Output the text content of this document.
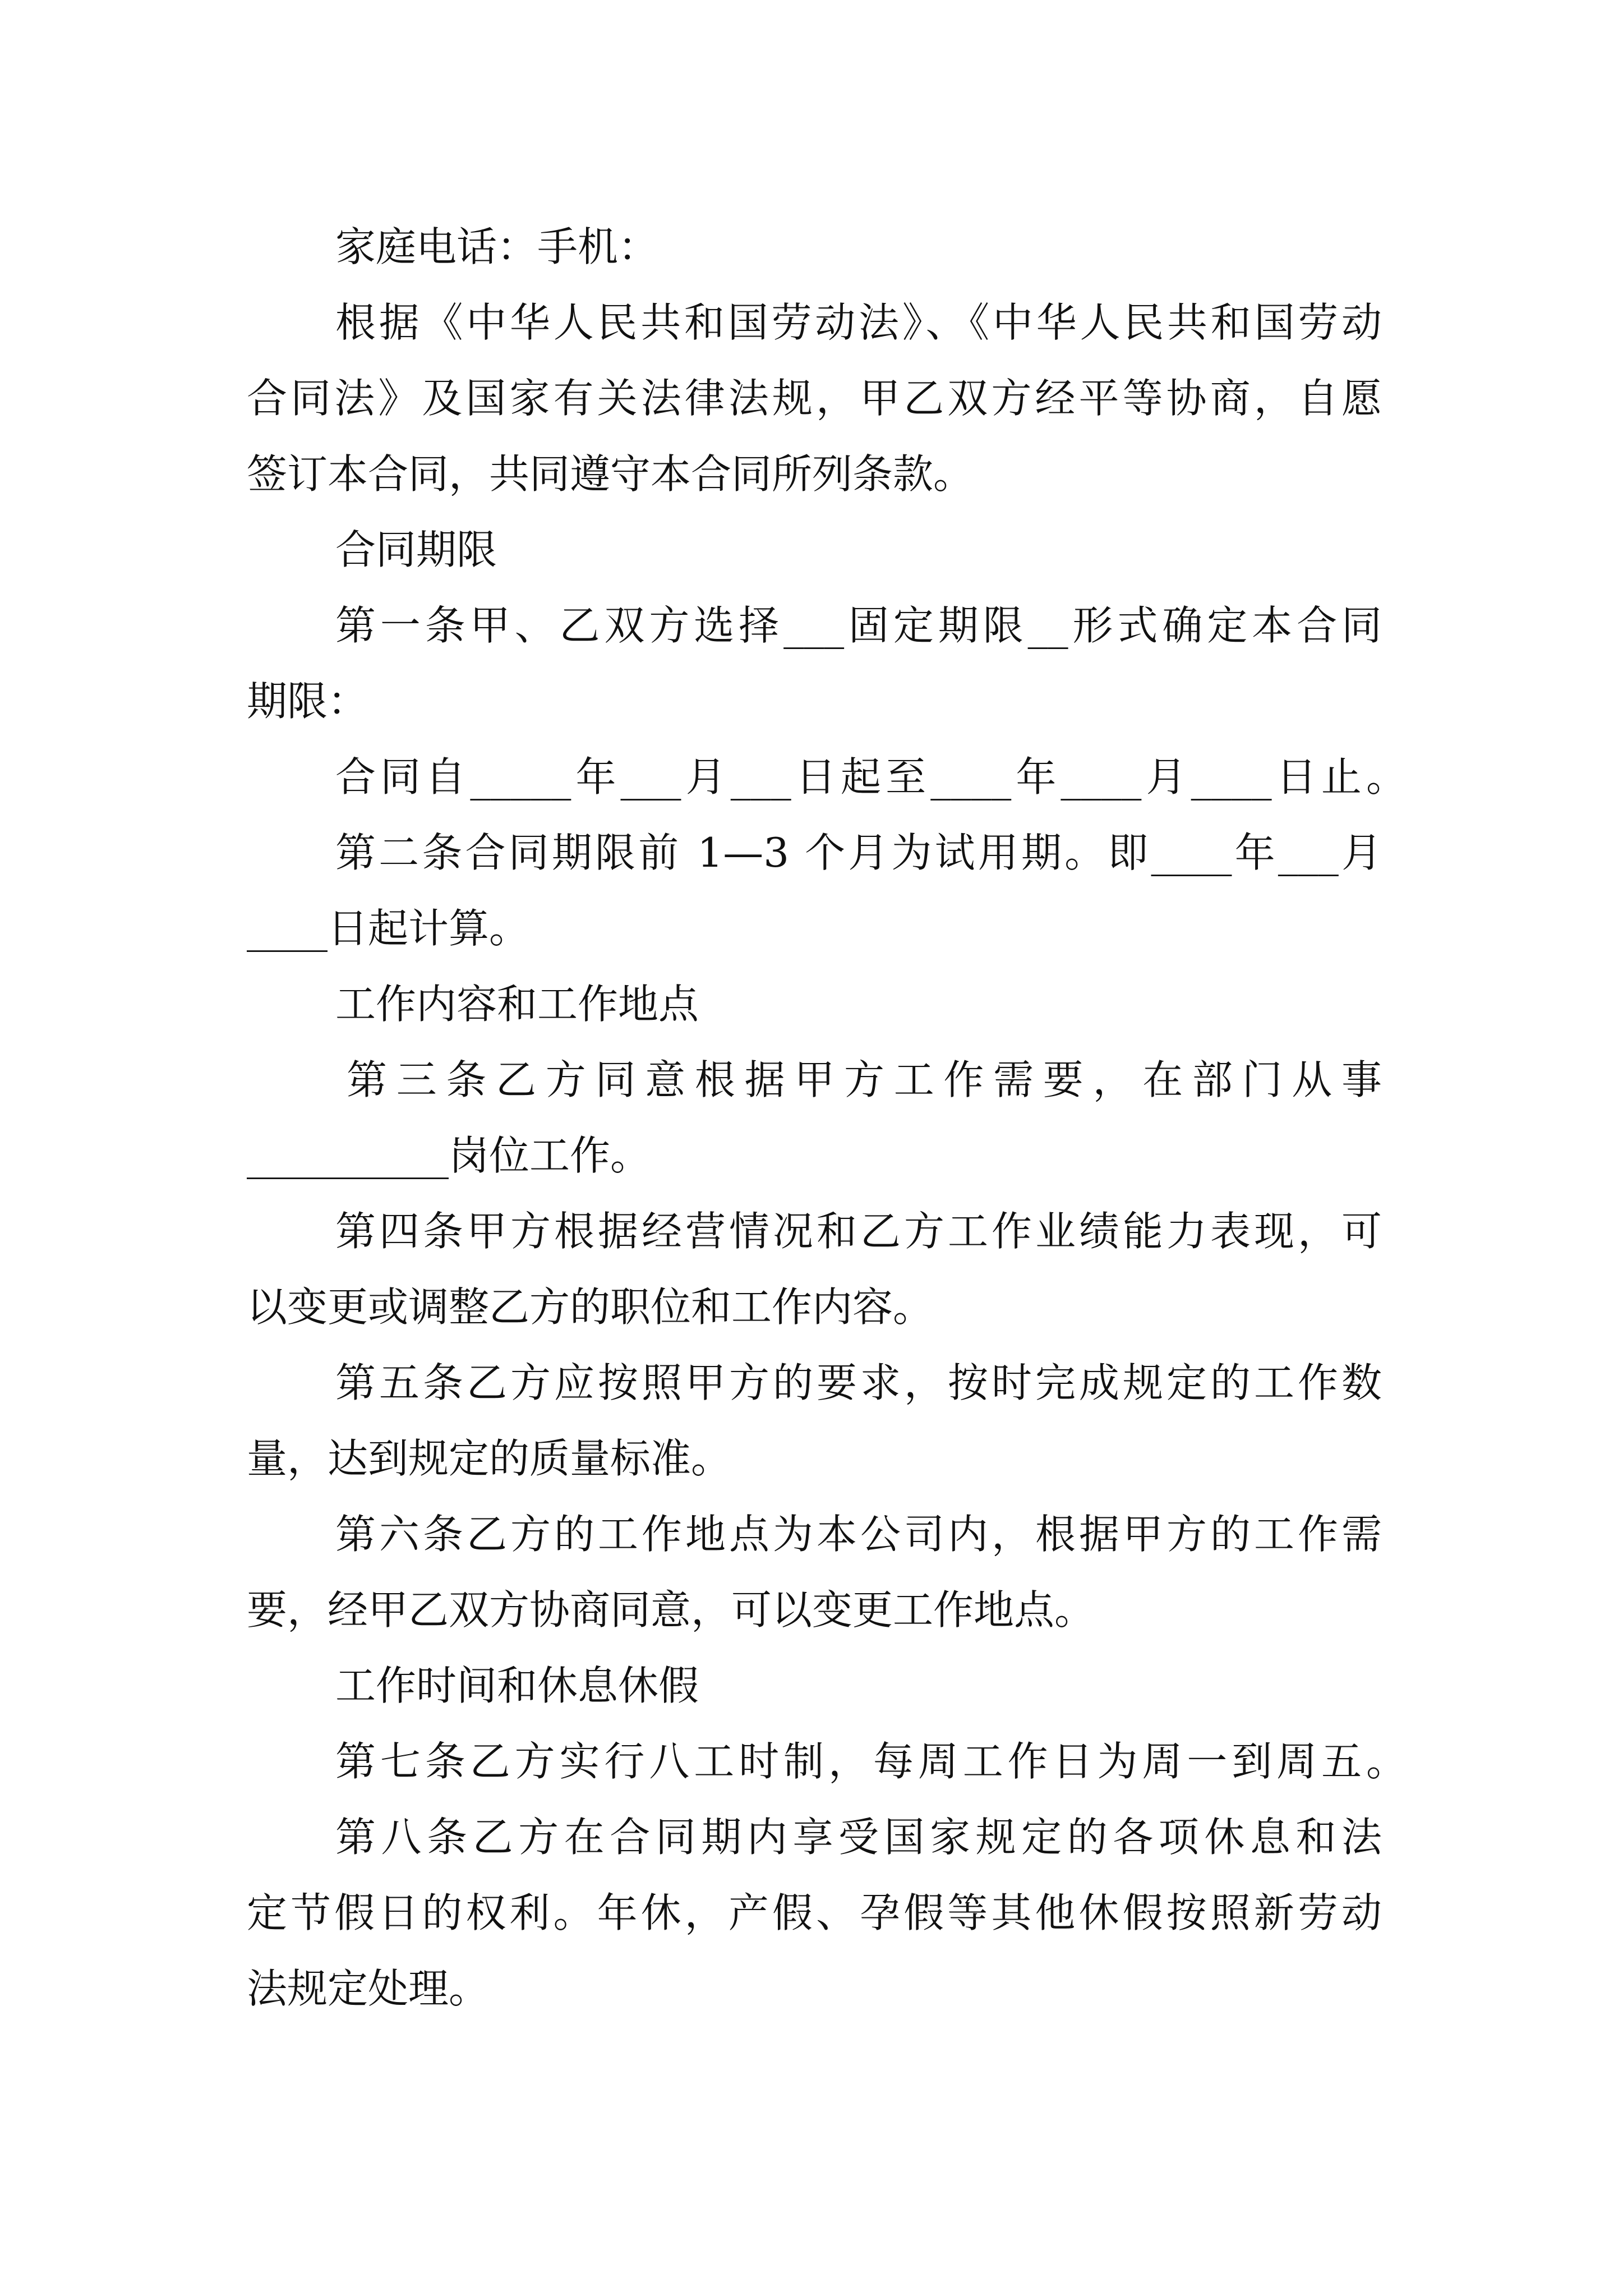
家庭电话：手机：
根据《中华人民共和国劳动法》、《中华人民共和国劳动
合同法》及国家有关法律法规，甲乙双方经平等协商，自愿
签订本合同，共同遵守本合同所列条款。
合同期限
第一条甲、乙双方选择___固定期限__形式确定本合同
期限：
合同自_____年___月___日起至____年____月____日止。
第二条合同期限前 1—3 个月为试用期。即____年___月
____日起计算。
工作内容和工作地点
第三条乙方同意根据甲方工作需要，在部门从事
__________岗位工作。
第四条甲方根据经营情况和乙方工作业绩能力表现，可
以变更或调整乙方的职位和工作内容。
第五条乙方应按照甲方的要求，按时完成规定的工作数
量，达到规定的质量标准。
第六条乙方的工作地点为本公司内，根据甲方的工作需
要，经甲乙双方协商同意，可以变更工作地点。
工作时间和休息休假
第七条乙方实行八工时制，每周工作日为周一到周五。
第八条乙方在合同期内享受国家规定的各项休息和法
定节假日的权利。年休，产假、孕假等其他休假按照新劳动
法规定处理。
